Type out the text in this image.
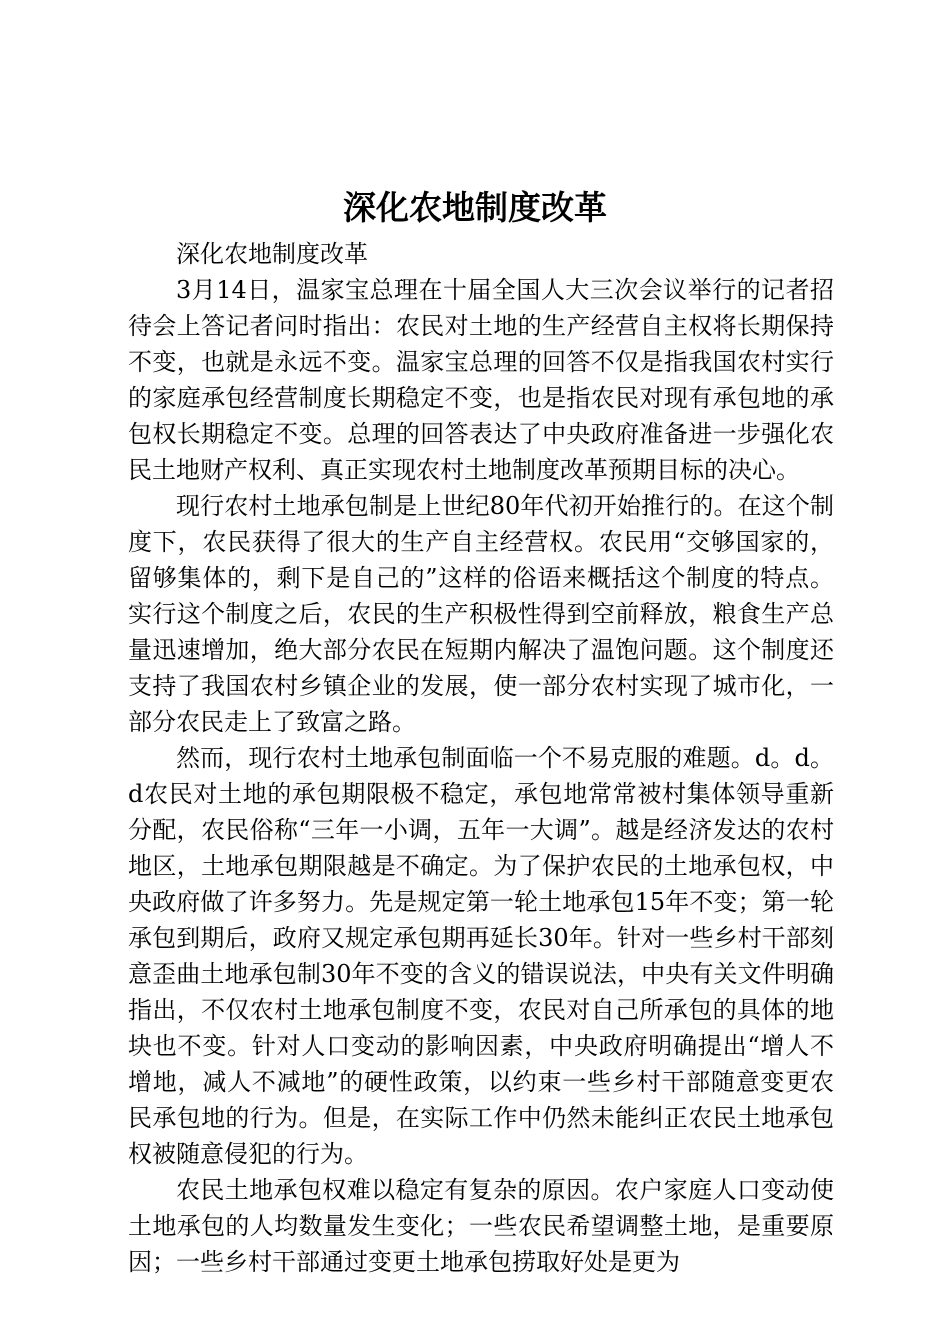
深化农地制度改革

深化农地制度改革

3月14日，温家宝总理在十届全国人大三次会议举行的记者招待会上答记者问时指出：农民对土地的生产经营自主权将长期保持不变，也就是永远不变。温家宝总理的回答不仅是指我国农村实行的家庭承包经营制度长期稳定不变，也是指农民对现有承包地的承包权长期稳定不变。总理的回答表达了中央政府准备进一步强化农民土地财产权利、真正实现农村土地制度改革预期目标的决心。

现行农村土地承包制是上世纪80年代初开始推行的。在这个制度下，农民获得了很大的生产自主经营权。农民用“交够国家的，留够集体的，剩下是自己的”这样的俗语来概括这个制度的特点。实行这个制度之后，农民的生产积极性得到空前释放，粮食生产总量迅速增加，绝大部分农民在短期内解决了温饱问题。这个制度还支持了我国农村乡镇企业的发展，使一部分农村实现了城市化，一部分农民走上了致富之路。

然而，现行农村土地承包制面临一个不易克服的难题。d。d。d农民对土地的承包期限极不稳定，承包地常常被村集体领导重新分配，农民俗称“三年一小调，五年一大调”。越是经济发达的农村地区，土地承包期限越是不确定。为了保护农民的土地承包权，中央政府做了许多努力。先是规定第一轮土地承包15年不变；第一轮承包到期后，政府又规定承包期再延长30年。针对一些乡村干部刻意歪曲土地承包制30年不变的含义的错误说法，中央有关文件明确指出，不仅农村土地承包制度不变，农民对自己所承包的具体的地块也不变。针对人口变动的影响因素，中央政府明确提出“增人不增地，减人不减地”的硬性政策，以约束一些乡村干部随意变更农民承包地的行为。但是，在实际工作中仍然未能纠正农民土地承包权被随意侵犯的行为。

农民土地承包权难以稳定有复杂的原因。农户家庭人口变动使土地承包的人均数量发生变化；一些农民希望调整土地，是重要原因；一些乡村干部通过变更土地承包捞取好处是更为
